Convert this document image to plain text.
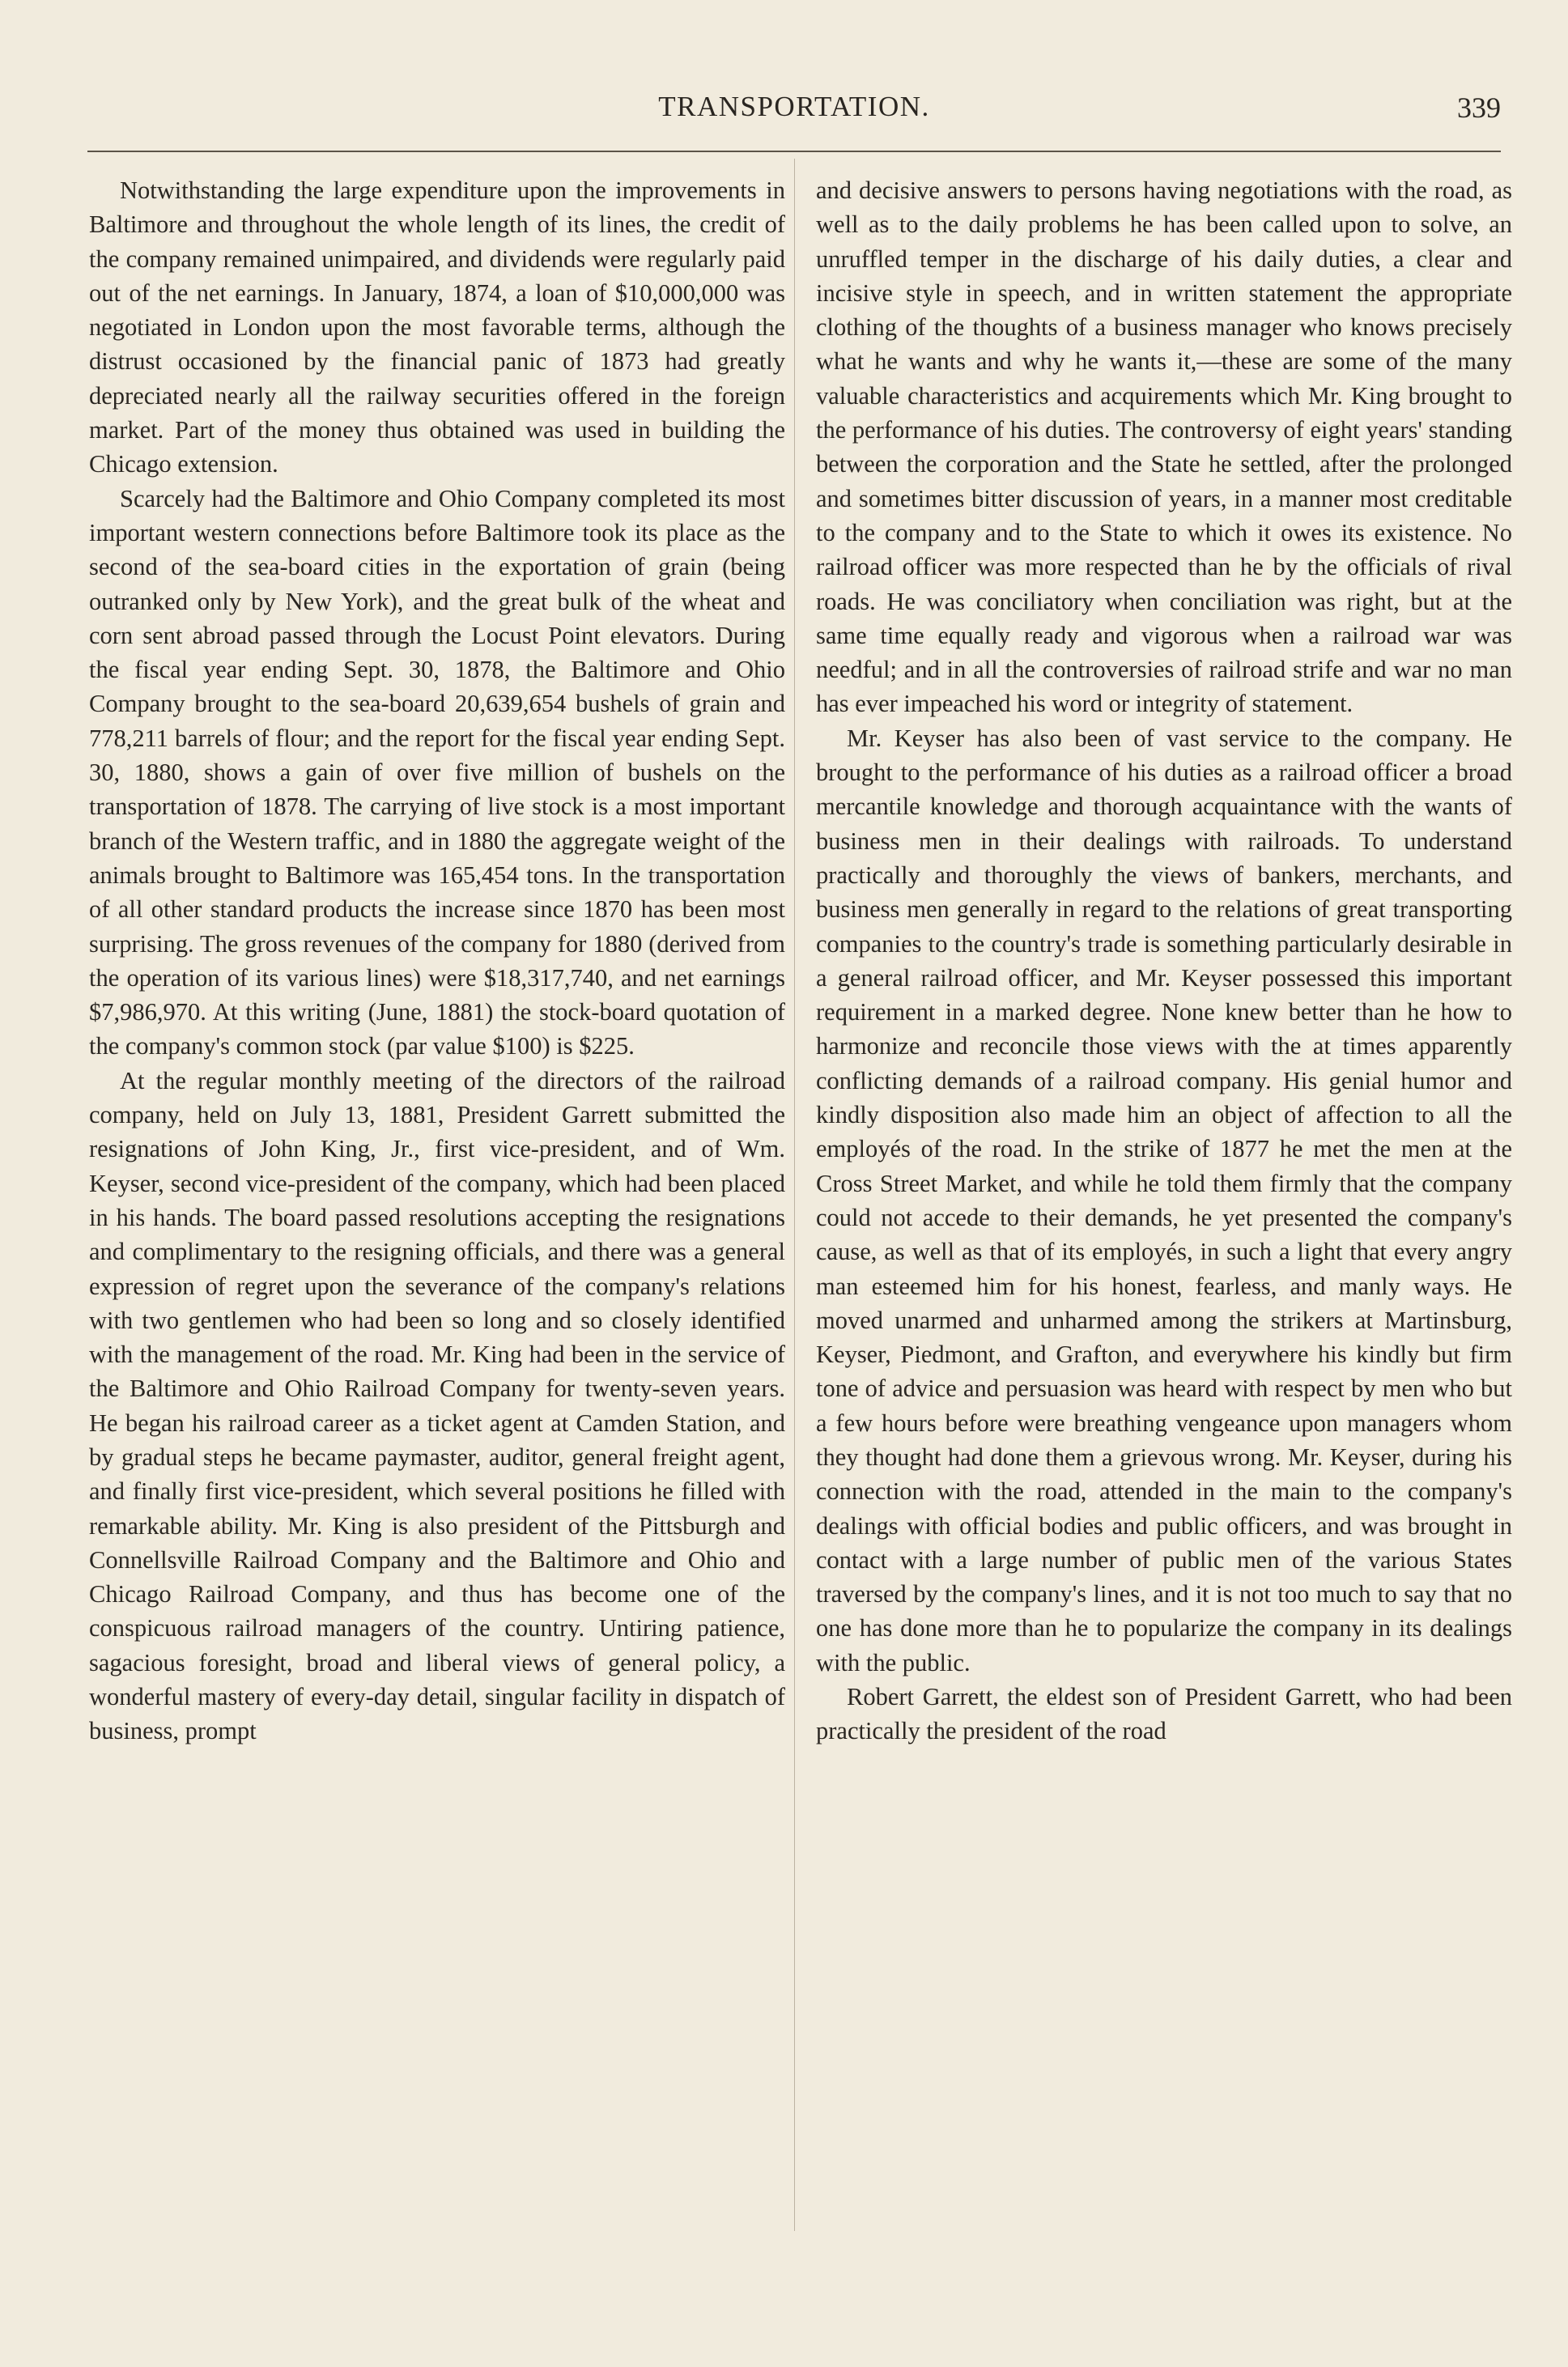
TRANSPORTATION.	339

Notwithstanding the large expenditure upon the improvements in Baltimore and throughout the whole length of its lines, the credit of the company remained unimpaired, and dividends were regularly paid out of the net earnings. In January, 1874, a loan of $10,000,000 was negotiated in London upon the most favorable terms, although the distrust occasioned by the financial panic of 1873 had greatly depreciated nearly all the railway securities offered in the foreign market. Part of the money thus obtained was used in building the Chicago extension.

Scarcely had the Baltimore and Ohio Company completed its most important western connections before Baltimore took its place as the second of the sea-board cities in the exportation of grain (being outranked only by New York), and the great bulk of the wheat and corn sent abroad passed through the Locust Point elevators. During the fiscal year ending Sept. 30, 1878, the Baltimore and Ohio Company brought to the sea-board 20,639,654 bushels of grain and 778,211 barrels of flour; and the report for the fiscal year ending Sept. 30, 1880, shows a gain of over five million of bushels on the transportation of 1878. The carrying of live stock is a most important branch of the Western traffic, and in 1880 the aggregate weight of the animals brought to Baltimore was 165,454 tons. In the transportation of all other standard products the increase since 1870 has been most surprising. The gross revenues of the company for 1880 (derived from the operation of its various lines) were $18,317,740, and net earnings $7,986,970. At this writing (June, 1881) the stock-board quotation of the company's common stock (par value $100) is $225.

At the regular monthly meeting of the directors of the railroad company, held on July 13, 1881, President Garrett submitted the resignations of John King, Jr., first vice-president, and of Wm. Keyser, second vice-president of the company, which had been placed in his hands. The board passed resolutions accepting the resignations and complimentary to the resigning officials, and there was a general expression of regret upon the severance of the company's relations with two gentlemen who had been so long and so closely identified with the management of the road. Mr. King had been in the service of the Baltimore and Ohio Railroad Company for twenty-seven years. He began his railroad career as a ticket agent at Camden Station, and by gradual steps he became paymaster, auditor, general freight agent, and finally first vice-president, which several positions he filled with remarkable ability. Mr. King is also president of the Pittsburgh and Connellsville Railroad Company and the Baltimore and Ohio and Chicago Railroad Company, and thus has become one of the conspicuous railroad managers of the country. Untiring patience, sagacious foresight, broad and liberal views of general policy, a wonderful mastery of every-day detail, singular facility in dispatch of business, prompt

and decisive answers to persons having negotiations with the road, as well as to the daily problems he has been called upon to solve, an unruffled temper in the discharge of his daily duties, a clear and incisive style in speech, and in written statement the appropriate clothing of the thoughts of a business manager who knows precisely what he wants and why he wants it,—these are some of the many valuable characteristics and acquirements which Mr. King brought to the performance of his duties. The controversy of eight years' standing between the corporation and the State he settled, after the prolonged and sometimes bitter discussion of years, in a manner most creditable to the company and to the State to which it owes its existence. No railroad officer was more respected than he by the officials of rival roads. He was conciliatory when conciliation was right, but at the same time equally ready and vigorous when a railroad war was needful; and in all the controversies of railroad strife and war no man has ever impeached his word or integrity of statement.

Mr. Keyser has also been of vast service to the company. He brought to the performance of his duties as a railroad officer a broad mercantile knowledge and thorough acquaintance with the wants of business men in their dealings with railroads. To understand practically and thoroughly the views of bankers, merchants, and business men generally in regard to the relations of great transporting companies to the country's trade is something particularly desirable in a general railroad officer, and Mr. Keyser possessed this important requirement in a marked degree. None knew better than he how to harmonize and reconcile those views with the at times apparently conflicting demands of a railroad company. His genial humor and kindly disposition also made him an object of affection to all the employés of the road. In the strike of 1877 he met the men at the Cross Street Market, and while he told them firmly that the company could not accede to their demands, he yet presented the company's cause, as well as that of its employés, in such a light that every angry man esteemed him for his honest, fearless, and manly ways. He moved unarmed and unharmed among the strikers at Martinsburg, Keyser, Piedmont, and Grafton, and everywhere his kindly but firm tone of advice and persuasion was heard with respect by men who but a few hours before were breathing vengeance upon managers whom they thought had done them a grievous wrong. Mr. Keyser, during his connection with the road, attended in the main to the company's dealings with official bodies and public officers, and was brought in contact with a large number of public men of the various States traversed by the company's lines, and it is not too much to say that no one has done more than he to popularize the company in its dealings with the public.

Robert Garrett, the eldest son of President Garrett, who had been practically the president of the road
